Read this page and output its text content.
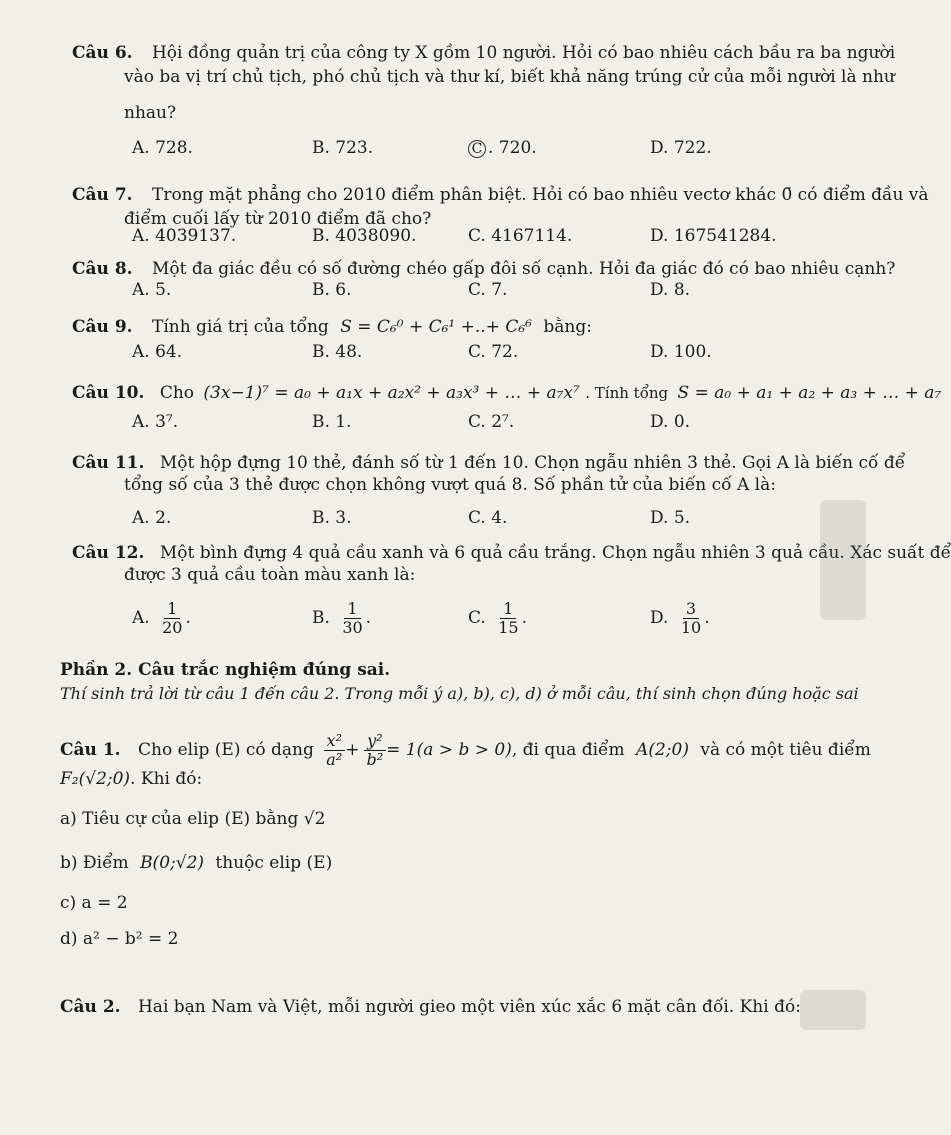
Câu 6. Hội đồng quản trị của công ty X gồm 10 người. Hỏi có bao nhiêu cách bầu ra ba người
vào ba vị trí chủ tịch, phó chủ tịch và thư kí, biết khả năng trúng cử của mỗi người là như
nhau?
A. 728.	B. 723.	C . 720.	D. 722.
Câu 7. Trong mặt phẳng cho 2010 điểm phân biệt. Hỏi có bao nhiêu vectơ khác 0̄ có điểm đầu và
điểm cuối lấy từ 2010 điểm đã cho?
A. 4039137.	B. 4038090.	C. 4167114.	D. 167541284.
Câu 8. Một đa giác đều có số đường chéo gấp đôi số cạnh. Hỏi đa giác đó có bao nhiêu cạnh?
A. 5.	B. 6.	C. 7.	D. 8.
Câu 9. Tính giá trị của tổng S = C₆⁰ + C₆¹ +..+ C₆⁶ bằng:
A. 64.	B. 48.	C. 72.	D. 100.
Câu 10. Cho (3x−1)⁷ = a₀ + a₁x + a₂x² + a₃x³ + … + a₇x⁷ . Tính tổng S = a₀ + a₁ + a₂ + a₃ + … + a₇
A. 3⁷.	B. 1.	C. 2⁷.	D. 0.
Câu 11. Một hộp đựng 10 thẻ, đánh số từ 1 đến 10. Chọn ngẫu nhiên 3 thẻ. Gọi A là biến cố để
tổng số của 3 thẻ được chọn không vượt quá 8. Số phần tử của biến cố A là:
A. 2.	B. 3.	C. 4.	D. 5.
Câu 12. Một bình đựng 4 quả cầu xanh và 6 quả cầu trắng. Chọn ngẫu nhiên 3 quả cầu. Xác suất để
được 3 quả cầu toàn màu xanh là:
A. $\frac{1}{20}$ .	B. $\frac{1}{30}$ .	C. $\frac{1}{15}$ .	D. $\frac{3}{10}$ .
Phần 2. Câu trắc nghiệm đúng sai.
Thí sinh trả lời từ câu 1 đến câu 2. Trong mỗi ý a), b), c), d) ở mỗi câu, thí sinh chọn đúng hoặc sai
Câu 1. Cho elip (E) có dạng $\frac{\text{x²}}{\text{a²}} + \frac{\text{y²}}{\text{b²}} = 1(a > b > 0)$, đi qua điểm A(2;0) và có một tiêu điểm
F₂(√2;0). Khi đó:
a) Tiêu cự của elip (E) bằng √2
b) Điểm B(0;√2) thuộc elip (E)
c) a = 2
d) a² − b² = 2
Câu 2. Hai bạn Nam và Việt, mỗi người gieo một viên xúc xắc 6 mặt cân đối. Khi đó:
